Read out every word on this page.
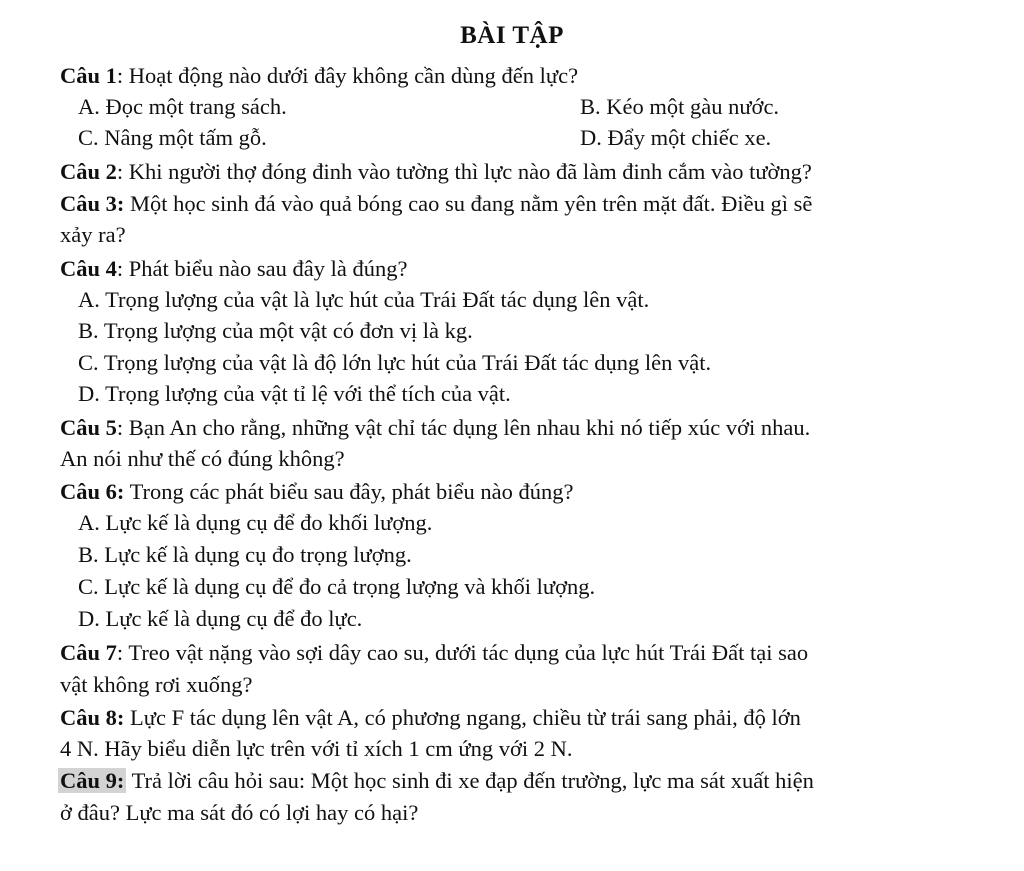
BÀI TẬP
Câu 1: Hoạt động nào dưới đây không cần dùng đến lực?
A. Đọc một trang sách.	B. Kéo một gàu nước.
C. Nâng một tấm gỗ.	D. Đẩy một chiếc xe.
Câu 2: Khi người thợ đóng đinh vào tường thì lực nào đã làm đinh cắm vào tường?
Câu 3: Một học sinh đá vào quả bóng cao su đang nằm yên trên mặt đất. Điều gì sẽ
xảy ra?
Câu 4: Phát biểu nào sau đây là đúng?
A. Trọng lượng của vật là lực hút của Trái Đất tác dụng lên vật.
B. Trọng lượng của một vật có đơn vị là kg.
C. Trọng lượng của vật là độ lớn lực hút của Trái Đất tác dụng lên vật.
D. Trọng lượng của vật tỉ lệ với thể tích của vật.
Câu 5: Bạn An cho rằng, những vật chỉ tác dụng lên nhau khi nó tiếp xúc với nhau.
An nói như thế có đúng không?
Câu 6: Trong các phát biểu sau đây, phát biểu nào đúng?
A. Lực kế là dụng cụ để đo khối lượng.
B. Lực kế là dụng cụ đo trọng lượng.
C. Lực kế là dụng cụ để đo cả trọng lượng và khối lượng.
D. Lực kế là dụng cụ để đo lực.
Câu 7: Treo vật nặng vào sợi dây cao su, dưới tác dụng của lực hút Trái Đất tại sao
vật không rơi xuống?
Câu 8: Lực F tác dụng lên vật A, có phương ngang, chiều từ trái sang phải, độ lớn
4 N. Hãy biểu diễn lực trên với tỉ xích 1 cm ứng với 2 N.
Câu 9: Trả lời câu hỏi sau: Một học sinh đi xe đạp đến trường, lực ma sát xuất hiện
ở đâu? Lực ma sát đó có lợi hay có hại?
